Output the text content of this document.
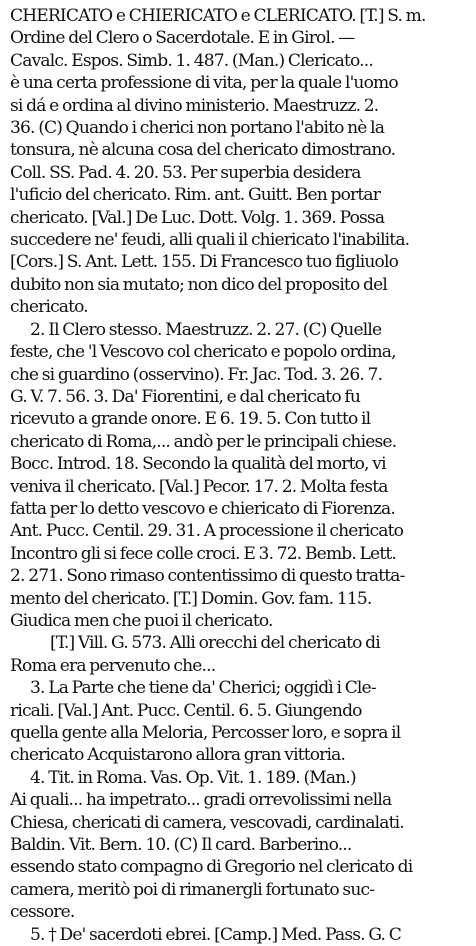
CHERICATO e CHIERICATO e CLERICATO. [T.] S. m.
Ordine del Clero o Sacerdotale. E in Girol. —
Cavalc. Espos. Simb. 1. 487. (Man.) Clericato...
è una certa professione di vita, per la quale l'uomo
si dá e ordina al divino ministerio. Maestruzz. 2.
36. (C) Quando i cherici non portano l'abito nè la
tonsura, nè alcuna cosa del chericato dimostrano.
Coll. SS. Pad. 4. 20. 53. Per superbia desidera
l'uficio del chericato. Rim. ant. Guitt. Ben portar
chericato. [Val.] De Luc. Dott. Volg. 1. 369. Possa
succedere ne' feudi, alli quali il chiericato l'inabilita.
[Cors.] S. Ant. Lett. 155. Di Francesco tuo figliuolo
dubito non sia mutato; non dico del proposito del
chericato.
2. Il Clero stesso. Maestruzz. 2. 27. (C) Quelle
feste, che 'l Vescovo col chericato e popolo ordina,
che si guardino (osservino). Fr. Jac. Tod. 3. 26. 7.
G. V. 7. 56. 3. Da' Fiorentini, e dal chericato fu
ricevuto a grande onore. E 6. 19. 5. Con tutto il
chericato di Roma,... andò per le principali chiese.
Bocc. Introd. 18. Secondo la qualità del morto, vi
veniva il chericato. [Val.] Pecor. 17. 2. Molta festa
fatta per lo detto vescovo e chiericato di Fiorenza.
Ant. Pucc. Centil. 29. 31. A processione il chericato
Incontro gli si fece colle croci. E 3. 72. Bemb. Lett.
2. 271. Sono rimaso contentissimo di questo tratta-
mento del chericato. [T.] Domin. Gov. fam. 115.
Giudica men che puoi il chericato.
[T.] Vill. G. 573. Alli orecchi del chericato di
Roma era pervenuto che...
3. La Parte che tiene da' Cherici; oggidì i Cle-
ricali. [Val.] Ant. Pucc. Centil. 6. 5. Giungendo
quella gente alla Meloria, Percosser loro, e sopra il
chericato Acquistarono allora gran vittoria.
4. Tit. in Roma. Vas. Op. Vit. 1. 189. (Man.)
Ai quali... ha impetrato... gradi orrevolissimi nella
Chiesa, chericati di camera, vescovadi, cardinalati.
Baldin. Vit. Bern. 10. (C) Il card. Barberino...
essendo stato compagno di Gregorio nel clericato di
camera, meritò poi di rimanergli fortunato suc-
cessore.
5. † De' sacerdoti ebrei. [Camp.] Med. Pass. G. C
